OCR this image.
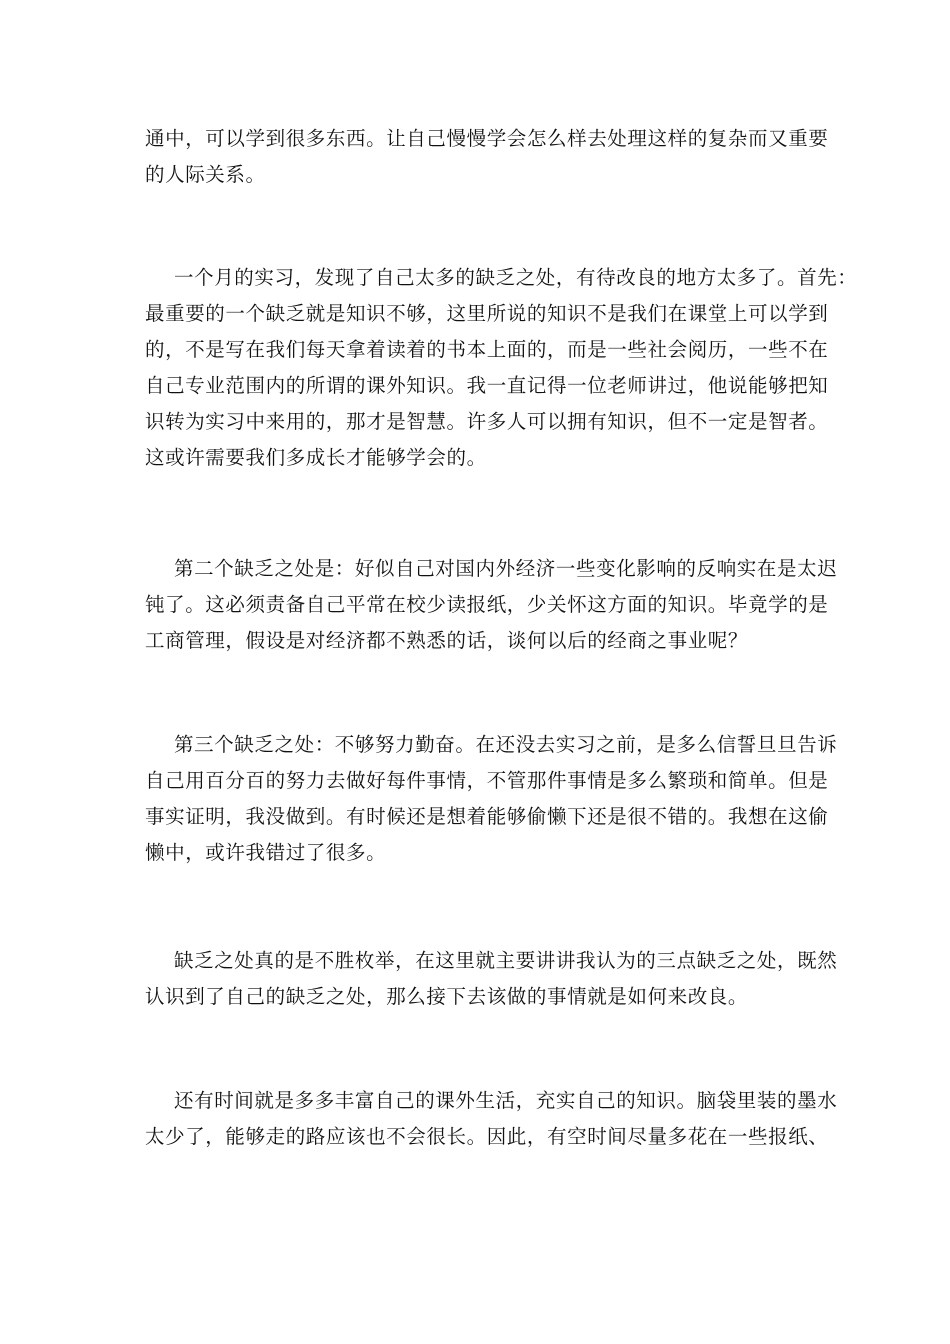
通中，可以学到很多东西。让自己慢慢学会怎么样去处理这样的复杂而又重要
的人际关系。
一个月的实习，发现了自己太多的缺乏之处，有待改良的地方太多了。首先：
最重要的一个缺乏就是知识不够，这里所说的知识不是我们在课堂上可以学到
的，不是写在我们每天拿着读着的书本上面的，而是一些社会阅历，一些不在
自己专业范围内的所谓的课外知识。我一直记得一位老师讲过，他说能够把知
识转为实习中来用的，那才是智慧。许多人可以拥有知识，但不一定是智者。
这或许需要我们多成长才能够学会的。
第二个缺乏之处是：好似自己对国内外经济一些变化影响的反响实在是太迟
钝了。这必须责备自己平常在校少读报纸，少关怀这方面的知识。毕竟学的是
工商管理，假设是对经济都不熟悉的话，谈何以后的经商之事业呢？
第三个缺乏之处：不够努力勤奋。在还没去实习之前，是多么信誓旦旦告诉
自己用百分百的努力去做好每件事情，不管那件事情是多么繁琐和简单。但是
事实证明，我没做到。有时候还是想着能够偷懒下还是很不错的。我想在这偷
懒中，或许我错过了很多。
缺乏之处真的是不胜枚举，在这里就主要讲讲我认为的三点缺乏之处，既然
认识到了自己的缺乏之处，那么接下去该做的事情就是如何来改良。
还有时间就是多多丰富自己的课外生活，充实自己的知识。脑袋里装的墨水
太少了，能够走的路应该也不会很长。因此，有空时间尽量多花在一些报纸、
